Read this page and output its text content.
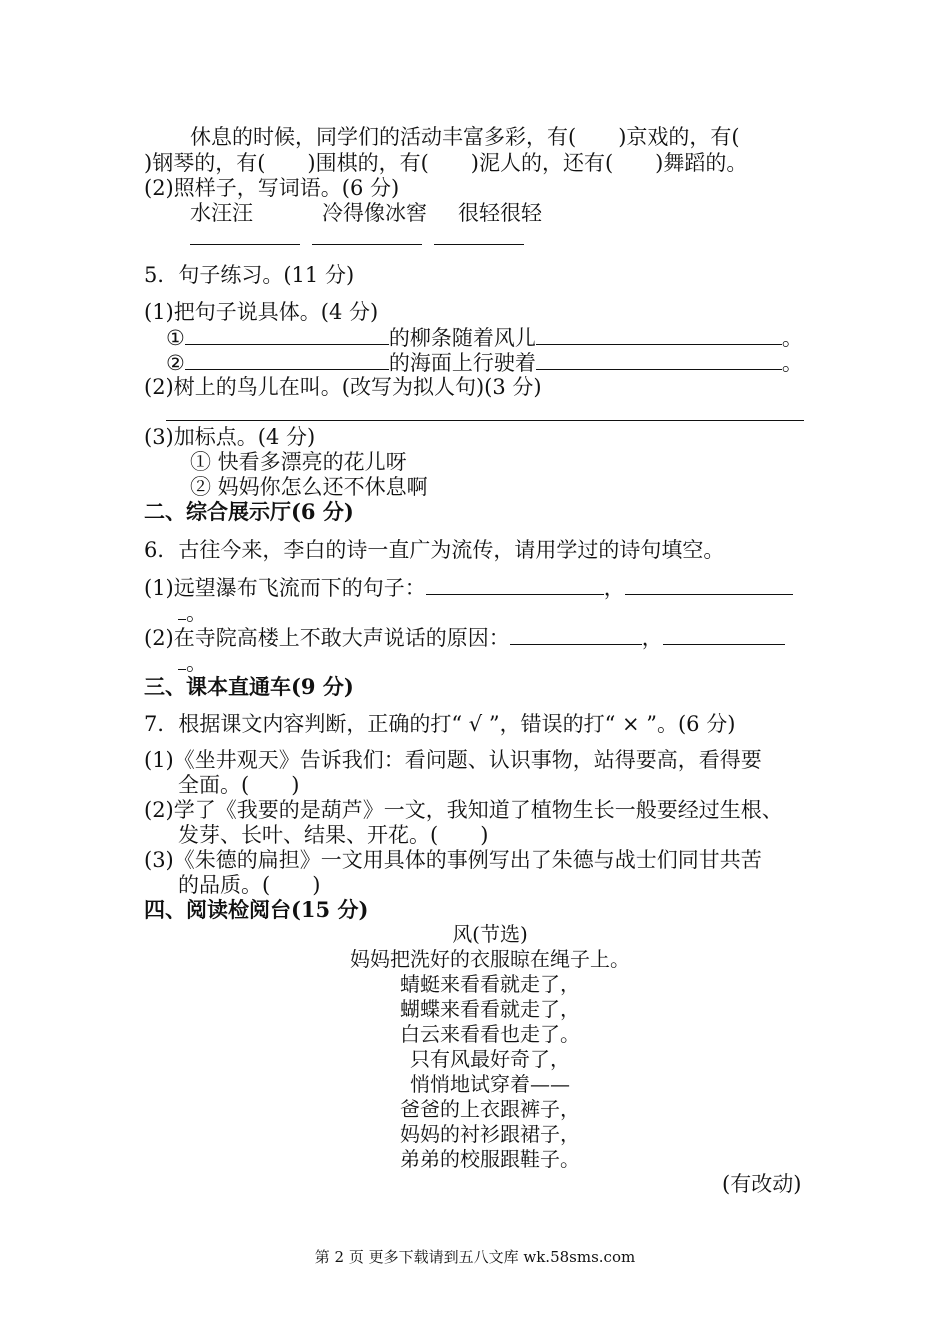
休息的时候，同学们的活动丰富多彩，有(　　)京戏的，有(
)钢琴的，有(　　)围棋的，有(　　)泥人的，还有(　　)舞蹈的。
(2)照样子，写词语。(6 分)
水汪汪	冷得像冰窖 很轻很轻
5．句子练习。(11 分)
(1)把句子说具体。(4 分)
①	的柳条随着风儿	。
②	的海面上行驶着	。
(2)树上的鸟儿在叫。(改写为拟人句)(3 分)
(3)加标点。(4 分)
① 快看多漂亮的花儿呀
② 妈妈你怎么还不休息啊
二、综合展示厅(6 分)
6．古往今来，李白的诗一直广为流传，请用学过的诗句填空。
(1)远望瀑布飞流而下的句子：	，
。
(2)在寺院高楼上不敢大声说话的原因：	，
。
三、课本直通车(9 分)
7．根据课文内容判断，正确的打“ √ ”，错误的打“ × ”。(6 分)
(1)《坐井观天》告诉我们：看问题、认识事物，站得要高，看得要
全面。(　　)
(2)学了《我要的是葫芦》一文，我知道了植物生长一般要经过生根、
发芽、长叶、结果、开花。(　　)
(3)《朱德的扁担》一文用具体的事例写出了朱德与战士们同甘共苦
的品质。(　　)
四、阅读检阅台(15 分)
风(节选)
妈妈把洗好的衣服晾在绳子上。
蜻蜓来看看就走了，
蝴蝶来看看就走了，
白云来看看也走了。
只有风最好奇了，
悄悄地试穿着——
爸爸的上衣跟裤子，
妈妈的衬衫跟裙子，
弟弟的校服跟鞋子。
(有改动)
第 2 页 更多下载请到五八文库 wk.58sms.com
